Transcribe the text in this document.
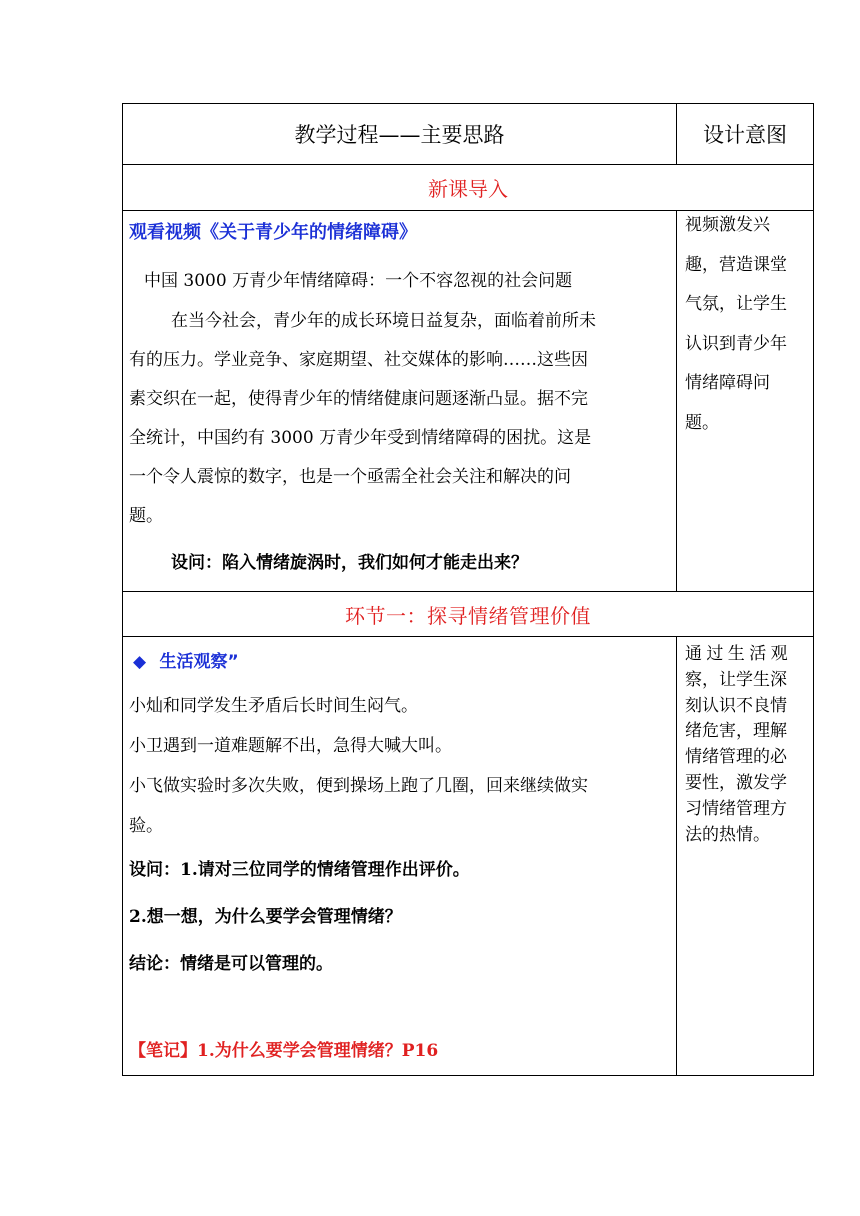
教学过程——主要思路	设计意图
新课导入
观看视频《关于青少年的情绪障碍》
中国 3000 万青少年情绪障碍：一个不容忽视的社会问题
在当今社会，青少年的成长环境日益复杂，面临着前所未
有的压力。学业竞争、家庭期望、社交媒体的影响……这些因
素交织在一起，使得青少年的情绪健康问题逐渐凸显。据不完
全统计，中国约有 3000 万青少年受到情绪障碍的困扰。这是
一个令人震惊的数字，也是一个亟需全社会关注和解决的问
题。
设问：陷入情绪旋涡时，我们如何才能走出来？
视频激发兴
趣，营造课堂
气氛，让学生
认识到青少年
情绪障碍问
题。
环节一：探寻情绪管理价值
◆ 生活观察”
小灿和同学发生矛盾后长时间生闷气。
小卫遇到一道难题解不出，急得大喊大叫。
小飞做实验时多次失败，便到操场上跑了几圈，回来继续做实
验。
设问：1.请对三位同学的情绪管理作出评价。
2.想一想，为什么要学会管理情绪？
结论：情绪是可以管理的。
【笔记】1.为什么要学会管理情绪？P16
通 过 生 活 观
察，让学生深
刻认识不良情
绪危害，理解
情绪管理的必
要性，激发学
习情绪管理方
法的热情。
